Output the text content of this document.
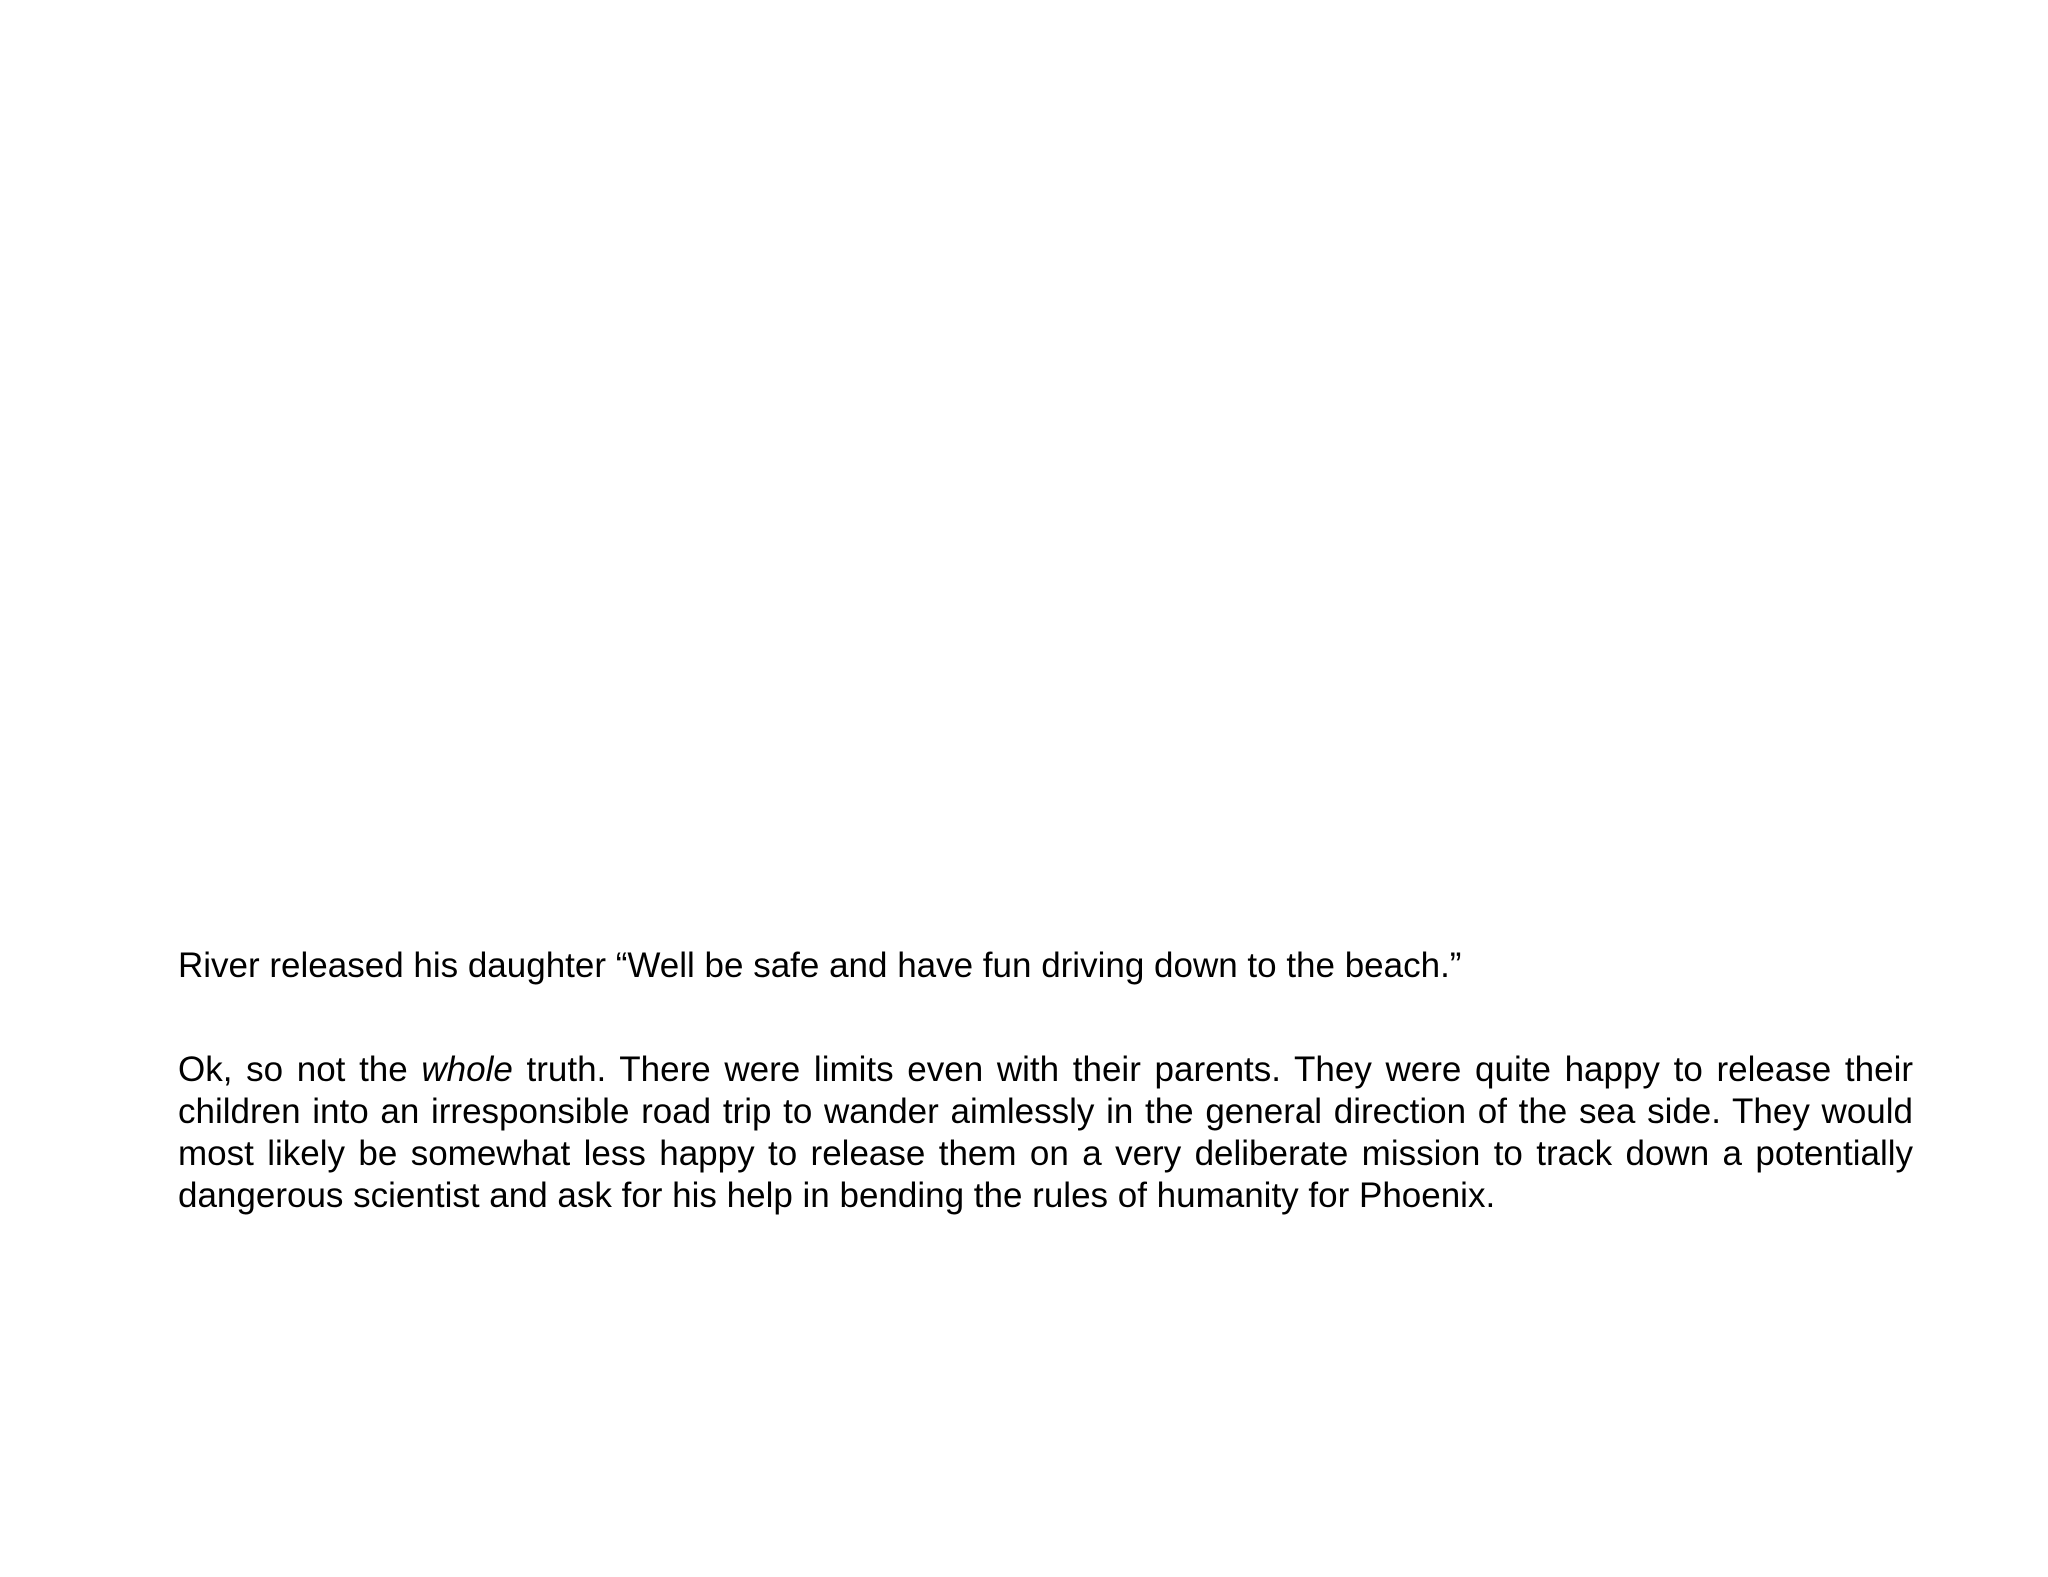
River released his daughter “Well be safe and have fun driving down to the beach.”

Ok, so not the whole truth. There were limits even with their parents. They were quite happy to release their children into an irresponsible road trip to wander aimlessly in the general direction of the sea side. They would most likely be somewhat less happy to release them on a very deliberate mission to track down a potentially dangerous scientist and ask for his help in bending the rules of humanity for Phoenix.
